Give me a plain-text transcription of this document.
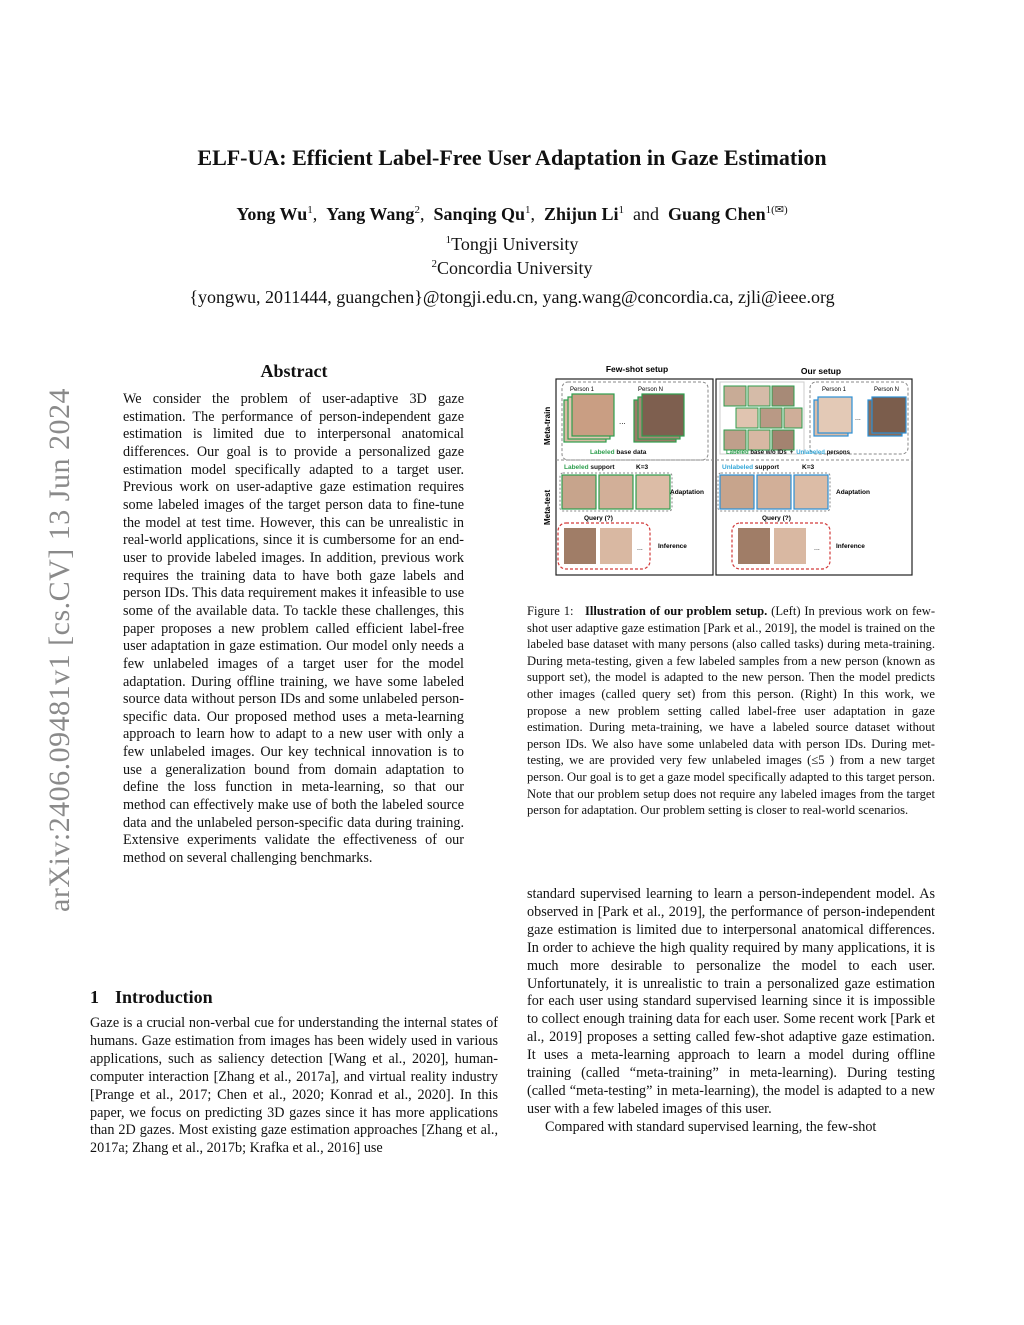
arXiv:2406.09481v1 [cs.CV] 13 Jun 2024
ELF-UA: Efficient Label-Free User Adaptation in Gaze Estimation
Yong Wu$^1$,  Yang Wang$^2$,  Sanqing Qu$^1$,  Zhijun Li$^1$ and Guang Chen$^{1(✉)}$
$^1$Tongji University
$^2$Concordia University
{yongwu, 2011444, guangchen}@tongji.edu.cn, yang.wang@concordia.ca, zjli@ieee.org
Abstract
We consider the problem of user-adaptive 3D gaze estimation. The performance of person-independent gaze estimation is limited due to interpersonal anatomical differences. Our goal is to provide a personalized gaze estimation model specifically adapted to a target user. Previous work on user-adaptive gaze estimation requires some labeled images of the target person data to fine-tune the model at test time. However, this can be unrealistic in real-world applications, since it is cumbersome for an end-user to provide labeled images. In addition, previous work requires the training data to have both gaze labels and person IDs. This data requirement makes it infeasible to use some of the available data. To tackle these challenges, this paper proposes a new problem called efficient label-free user adaptation in gaze estimation. Our model only needs a few unlabeled images of a target user for the model adaptation. During offline training, we have some labeled source data without person IDs and some unlabeled person-specific data. Our proposed method uses a meta-learning approach to learn how to adapt to a new user with only a few unlabeled images. Our key technical innovation is to use a generalization bound from domain adaptation to define the loss function in meta-learning, so that our method can effectively make use of both the labeled source data and the unlabeled person-specific data during training. Extensive experiments validate the effectiveness of our method on several challenging benchmarks.
1 Introduction
Gaze is a crucial non-verbal cue for understanding the internal states of humans. Gaze estimation from images has been widely used in various applications, such as saliency detection [Wang et al., 2020], human-computer interaction [Zhang et al., 2017a], and virtual reality industry [Prange et al., 2017; Chen et al., 2020; Konrad et al., 2020]. In this paper, we focus on predicting 3D gazes since it has more applications than 2D gazes. Most existing gaze estimation approaches [Zhang et al., 2017a; Zhang et al., 2017b; Krafka et al., 2016] use
Few-shot setup	Our setup
Meta-train
Meta-test
Person 1	Person N
...
Labeled base data
Person 1	Person N
...
Labeled base w/o IDs + Unlabeled persons
Labeled support	K=3
Adaptation
Query (?)
... Inference
Unlabeled support	K=3
Adaptation
Query (?)
... Inference
Figure 1: Illustration of our problem setup. (Left) In previous work on few-shot user adaptive gaze estimation [Park et al., 2019], the model is trained on the labeled base dataset with many persons (also called tasks) during meta-training. During meta-testing, given a few labeled samples from a new person (known as support set), the model is adapted to the new person. Then the model predicts other images (called query set) from this person. (Right) In this work, we propose a new problem setting called label-free user adaptation in gaze estimation. During meta-training, we have a labeled source dataset without person IDs. We also have some unlabeled data with person IDs. During met-testing, we are provided very few unlabeled images (≤5 ) from a new target person. Our goal is to get a gaze model specifically adapted to this target person. Note that our problem setup does not require any labeled images from the target person for adaptation. Our problem setting is closer to real-world scenarios.

standard supervised learning to learn a person-independent model. As observed in [Park et al., 2019], the performance of person-independent gaze estimation is limited due to interpersonal anatomical differences. In order to achieve the high quality required by many applications, it is much more desirable to personalize the model to each user. Unfortunately, it is unrealistic to train a personalized gaze estimation for each user using standard supervised learning since it is impossible to collect enough training data for each user. Some recent work [Park et al., 2019] proposes a setting called few-shot adaptive gaze estimation. It uses a meta-learning approach to learn a model during offline training (called “meta-training” in meta-learning). During testing (called “meta-testing” in meta-learning), the model is adapted to a new user with a few labeled images of this user.

Compared with standard supervised learning, the few-shot
